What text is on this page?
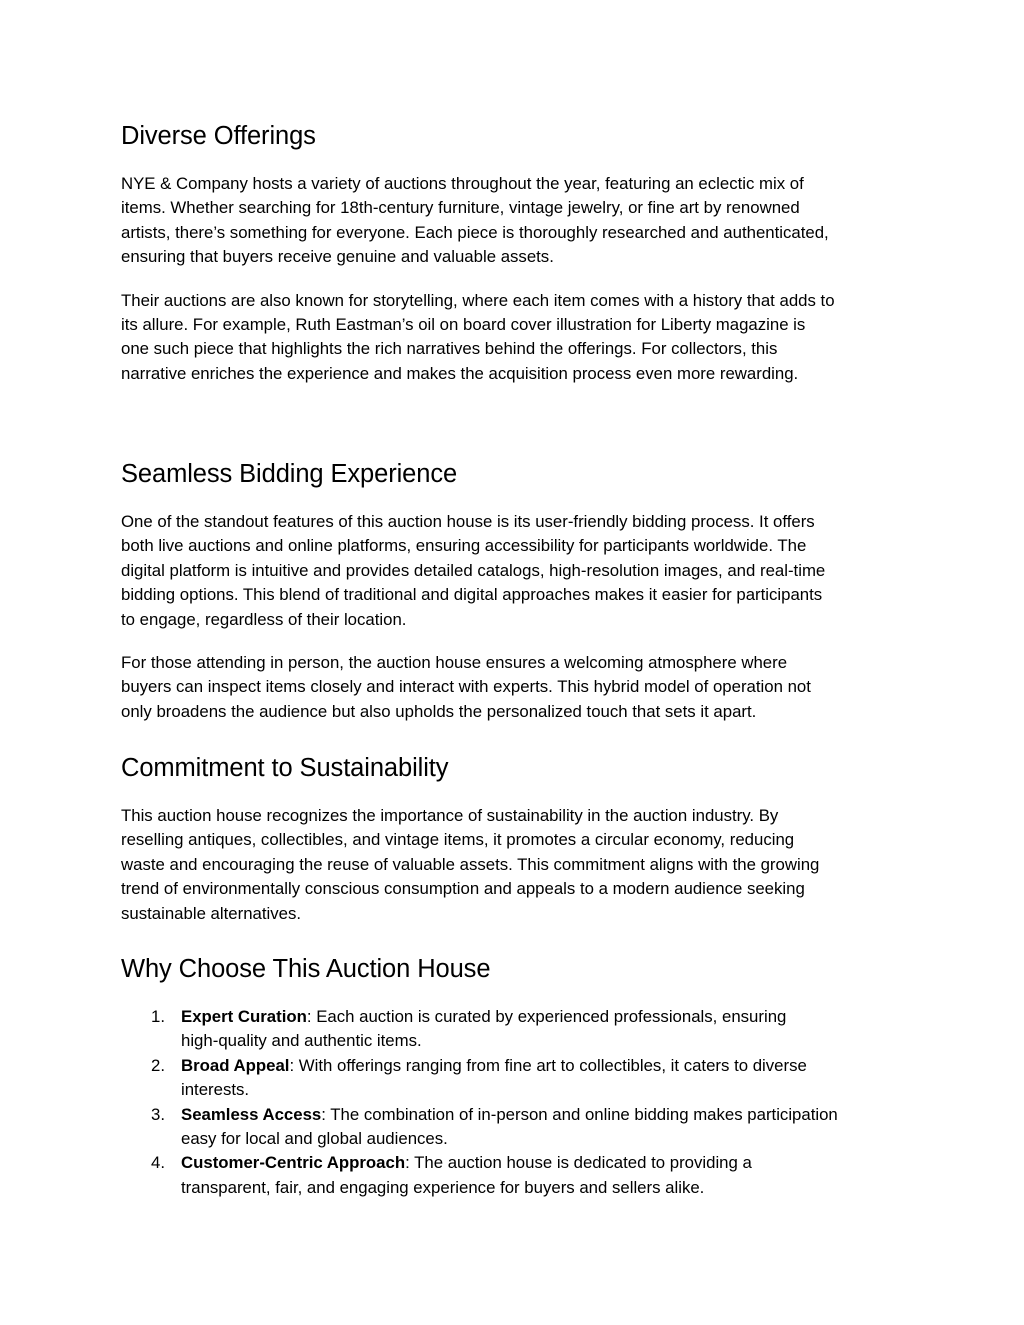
Diverse Offerings

NYE & Company hosts a variety of auctions throughout the year, featuring an eclectic mix of
items. Whether searching for 18th-century furniture, vintage jewelry, or fine art by renowned
artists, there’s something for everyone. Each piece is thoroughly researched and authenticated,
ensuring that buyers receive genuine and valuable assets.

Their auctions are also known for storytelling, where each item comes with a history that adds to
its allure. For example, Ruth Eastman’s oil on board cover illustration for Liberty magazine is
one such piece that highlights the rich narratives behind the offerings. For collectors, this
narrative enriches the experience and makes the acquisition process even more rewarding.

Seamless Bidding Experience

One of the standout features of this auction house is its user-friendly bidding process. It offers
both live auctions and online platforms, ensuring accessibility for participants worldwide. The
digital platform is intuitive and provides detailed catalogs, high-resolution images, and real-time
bidding options. This blend of traditional and digital approaches makes it easier for participants
to engage, regardless of their location.

For those attending in person, the auction house ensures a welcoming atmosphere where
buyers can inspect items closely and interact with experts. This hybrid model of operation not
only broadens the audience but also upholds the personalized touch that sets it apart.

Commitment to Sustainability

This auction house recognizes the importance of sustainability in the auction industry. By
reselling antiques, collectibles, and vintage items, it promotes a circular economy, reducing
waste and encouraging the reuse of valuable assets. This commitment aligns with the growing
trend of environmentally conscious consumption and appeals to a modern audience seeking
sustainable alternatives.

Why Choose This Auction House
1. Expert Curation: Each auction is curated by experienced professionals, ensuring
high-quality and authentic items.
2. Broad Appeal: With offerings ranging from fine art to collectibles, it caters to diverse
interests.
3. Seamless Access: The combination of in-person and online bidding makes participation
easy for local and global audiences.
4. Customer-Centric Approach: The auction house is dedicated to providing a
transparent, fair, and engaging experience for buyers and sellers alike.
